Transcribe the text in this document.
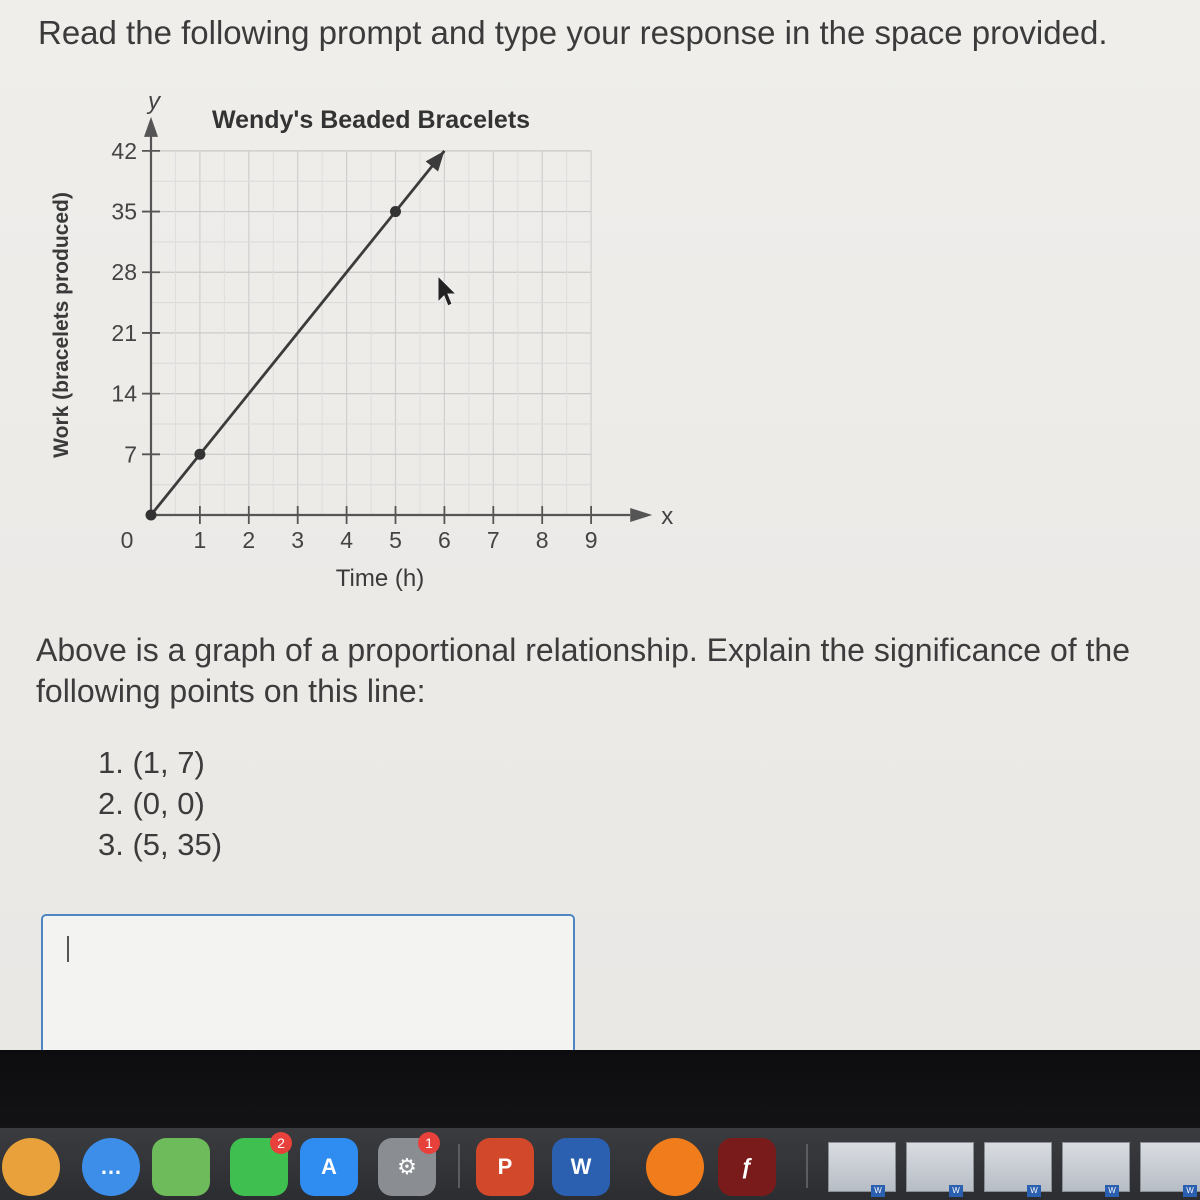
Read the following prompt and type your response in the space provided.
1 2 3 4 5 6 7 8 9
7
14
21
28
35
42
0
y
x
Wendy's Beaded Bracelets
Time (h)
Work (bracelets produced)
Above is a graph of a proportional relationship. Explain the significance of the following points on this line:
1. (1, 7)
2. (0, 0)
3. (5, 35)
…
2
A	⚙
1
P	W	ƒ
W	W	W	W	W
